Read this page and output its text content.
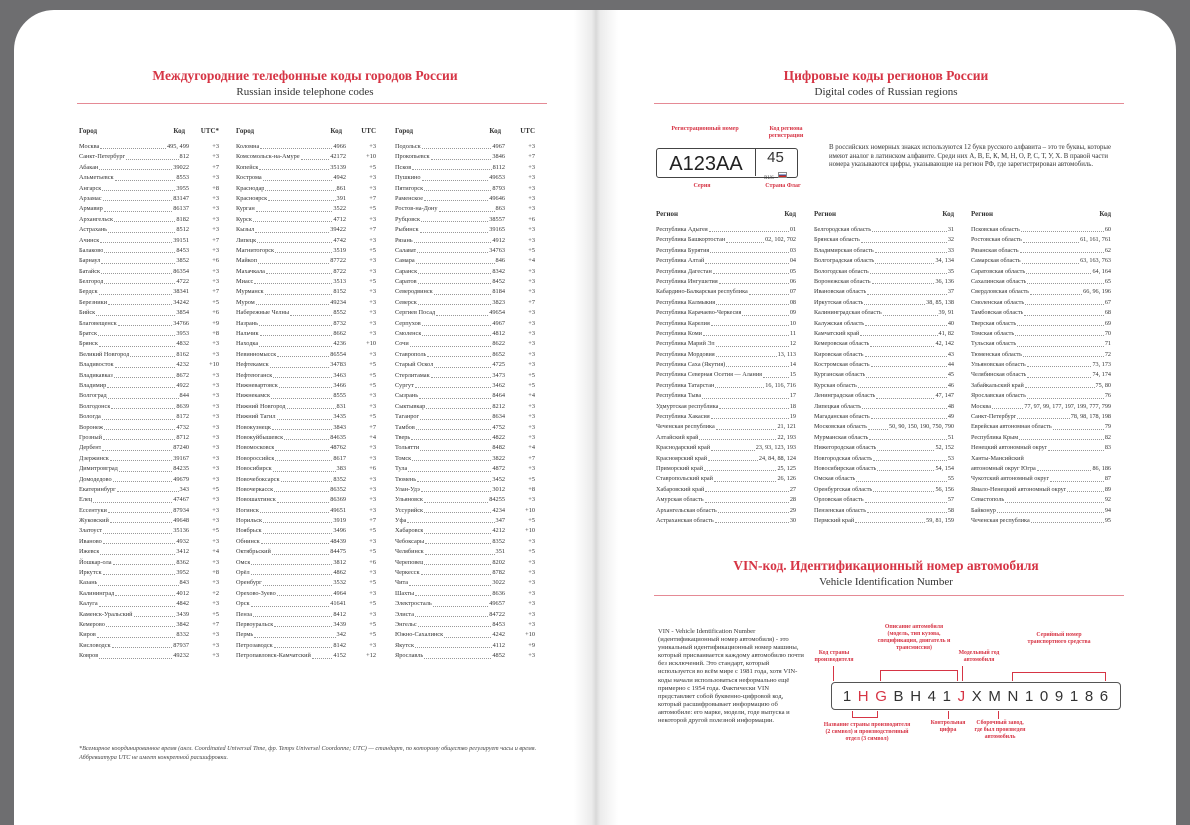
Междугородние телефонные коды городов России
Russian inside telephone codes
Город	Код	UTC*
Москва	495, 499	+3
Санкт-Петербург	812	+3
Абакан	39022	+7
Альметьевск	8553	+3
Ангарск	3955	+8
Арзамас	83147	+3
Армавир	86137	+3
Архангельск	8182	+3
Астрахань	8512	+3
Ачинск	39151	+7
Балаково	8453	+3
Барнаул	3852	+6
Батайск	86354	+3
Белгород	4722	+3
Бердск	38341	+7
Березники	34242	+5
Бийск	3854	+6
Благовещенск	34766	+9
Братск	3953	+8
Брянск	4832	+3
Великий Новгород	8162	+3
Владивосток	4232	+10
Владикавказ	8672	+3
Владимир	4922	+3
Волгоград	844	+3
Волгодонск	8639	+3
Вологда	8172	+3
Воронеж	4732	+3
Грозный	8712	+3
Дербент	87240	+3
Дзержинск	39167	+3
Димитровград	84235	+3
Домодедово	49679	+3
Екатеринбург	343	+5
Елец	47467	+3
Ессентуки	87934	+3
Жуковский	49648	+3
Златоуст	35136	+5
Иваново	4932	+3
Ижевск	3412	+4
Йошкар-ола	8362	+3
Иркутск	3952	+8
Казань	843	+3
Калининград	4012	+2
Калуга	4842	+3
Каменск-Уральский	3439	+5
Кемерово	3842	+7
Киров	8332	+3
Кисловодск	87937	+3
Ковров	49232	+3
Город	Код	UTC
Коломна	4966	+3
Комсомольск-на-Амуре	42172	+10
Копейск	35139	+5
Кострома	4942	+3
Краснодар	861	+3
Красноярск	391	+7
Курган	3522	+5
Курск	4712	+3
Кызыл	39422	+7
Липецк	4742	+3
Магнитогорск	3519	+5
Майкоп	87722	+3
Махачкала	8722	+3
Миасс	3513	+5
Мурманск	8152	+3
Муром	49234	+3
Набережные Челны	8552	+3
Назрань	8732	+3
Нальчик	8662	+3
Находка	4236	+10
Невинномысск	86554	+3
Нефтекамск	34783	+5
Нефтеюганск	3463	+5
Нижневартовск	3466	+5
Нижнекамск	8555	+3
Нижний Новгород	831	+3
Нижний Тагил	3435	+5
Новокузнецк	3843	+7
Новокуйбышевск	84635	+4
Новомосковск	48762	+3
Новороссийск	8617	+3
Новосибирск	383	+6
Новочебоксарск	8352	+3
Новочеркасск	86352	+3
Новошахтинск	86369	+3
Ногинск	49651	+3
Норильск	3919	+7
Ноябрьск	3496	+5
Обнинск	48439	+3
Октябрьский	84475	+5
Омск	3812	+6
Орёл	4862	+3
Оренбург	3532	+5
Орехово-Зуево	4964	+3
Орск	41641	+5
Пенза	8412	+3
Первоуральск	3439	+5
Пермь	342	+5
Петрозаводск	8142	+3
Петропавловск-Камчатский	4152	+12
Город	Код	UTC
Подольск	4967	+3
Прокопьевск	3846	+7
Псков	8112	+3
Пушкино	49653	+3
Пятигорск	8793	+3
Раменское	49646	+3
Ростов-на-Дону	863	+3
Рубцовск	38557	+6
Рыбинск	39165	+3
Рязань	4912	+3
Салават	34763	+5
Самара	846	+4
Саранск	8342	+3
Саратов	8452	+3
Северодвинск	8184	+3
Северск	3823	+7
Сергиев Посад	49654	+3
Серпухов	4967	+3
Смоленск	4812	+3
Сочи	8622	+3
Ставрополь	8652	+3
Старый Оскол	4725	+3
Стерлитамак	3473	+5
Сургут	3462	+5
Сызрань	8464	+4
Сыктывкар	8212	+3
Таганрог	8634	+3
Тамбов	4752	+3
Тверь	4822	+3
Тольятти	8482	+4
Томск	3822	+7
Тула	4872	+3
Тюмень	3452	+5
Улан-Удэ	3012	+8
Ульяновск	84255	+3
Уссурийск	4234	+10
Уфа	347	+5
Хабаровск	4212	+10
Чебоксары	8352	+3
Челябинск	351	+5
Череповец	8202	+3
Черкесск	8782	+3
Чита	3022	+3
Шахты	8636	+3
Электросталь	49657	+3
Элиста	84722	+3
Энгельс	8453	+3
Южно-Сахалинск	4242	+10
Якутск	4112	+9
Ярославль	4852	+3
*Всемирное координированное время (англ. Coordinated Universal Time, фр. Temps Universel Coordonne; UTC) — стандарт, по которому общество регулирует часы и время. Аббревиатура UTC не имеет конкретной расшифровки.
Цифровые коды регионов России
Digital codes of Russian regions
Регистрационный номер	Код региона регистрации
А123АА	45
RUS
Серия	Страна Флаг
В российских номерных знаках используются 12 букв русского алфавита – это те буквы, которые имеют аналог в латинском алфавите. Среди них А, В, Е, К, М, Н, О, Р, С, Т, У, Х. В правой части номера указываются цифры, указывающие на регион РФ, где зарегистрирован автомобиль.
Регион	Код
Республика Адыгея	01
Республика Башкортостан	02, 102, 702
Республика Бурятия	03
Республика Алтай	04
Республика Дагестан	05
Республика Ингушетия	06
Кабардино-Балкарская республика	07
Республика Калмыкия	08
Республика Карачаево-Черкесия	09
Республика Карелия	10
Республика Коми	11
Республика Марий Эл	12
Республика Мордовия	13, 113
Республика Саха (Якутия)	14
Республика Северная Осетия — Алания	15
Республика Татарстан	16, 116, 716
Республика Тыва	17
Удмуртская республика	18
Республика Хакасия	19
Чеченская республика	21, 121
Алтайский край	22, 193
Краснодарский край	23, 93, 123, 193
Красноярский край	24, 84, 88, 124
Приморский край	25, 125
Ставропольский край	26, 126
Хабаровский край	27
Амурская область	28
Архангельская область	29
Астраханская область	30
Регион	Код
Белгородская область	31
Брянская область	32
Владимирская область	33
Волгоградская область	34, 134
Вологодская область	35
Воронежская область	36, 136
Ивановская область	37
Иркутская область	38, 85, 138
Калининградская область	39, 91
Калужская область	40
Камчатский край	41, 82
Кемеровская область	42, 142
Кировская область	43
Костромская область	44
Курганская область	45
Курская область	46
Ленинградская область	47, 147
Липецкая область	48
Магаданская область	49
Московская область	50, 90, 150, 190, 750, 790
Мурманская область	51
Нижегородская область	52, 152
Новгородская область	53
Новосибирская область	54, 154
Омская область	55
Оренбургская область	56, 156
Орловская область	57
Пензенская область	58
Пермский край	59, 81, 159
Регион	Код
Псковская область	60
Ростовская область	61, 161, 761
Рязанская область	62
Самарская область	63, 163, 763
Саратовская область	64, 164
Сахалинская область	65
Свердловская область	66, 96, 196
Смоленская область	67
Тамбовская область	68
Тверская область	69
Томская область	70
Тульская область	71
Тюменская область	72
Ульяновская область	73, 173
Челябинская область	74, 174
Забайкальский край	75, 80
Ярославская область	76
Москва	77, 97, 99, 177, 197, 199, 777, 799
Санкт-Петербург	78, 98, 178, 198
Еврейская автономная область	79
Республика Крым	82
Ненецкий автономный округ	83
Ханты-Мансийский
автономный округ Югра	86, 186
Чукотский автономный округ	87
Ямало-Ненецкий автономный округ	89
Севастополь	92
Байконур	94
Чеченская республика	95
VIN-код. Идентификационный номер автомобиля
Vehicle Identification Number
VIN - Vehicle Identification Number (идентификационный номер автомобиля) - это уникальный идентификационный номер машины, который присваивается каждому автомобилю почти без исключений. Это стандарт, который используется во всём мире с 1981 года, хотя VIN-коды начали использоваться неформально ещё примерно с 1954 года. Фактически VIN представляет собой буквенно-цифровой код, который расшифровывает информацию об автомобиле: его марке, модели, годе выпуска и некоторой другой полезной информации.
Код страны производителя
Описание автомобиля (модель, тип кузова, спецификация, двигатель и трансмиссия)
Модельный год автомобиля
Серийный номер транспортного средства
1 H G B H 4 1 J X M N 1 0 9 1 8 6
Название страны производителя (2 символ) и производственный отдел (3 символ)
Контрольная цифра
Сборочный завод, где был произведен автомобиль
